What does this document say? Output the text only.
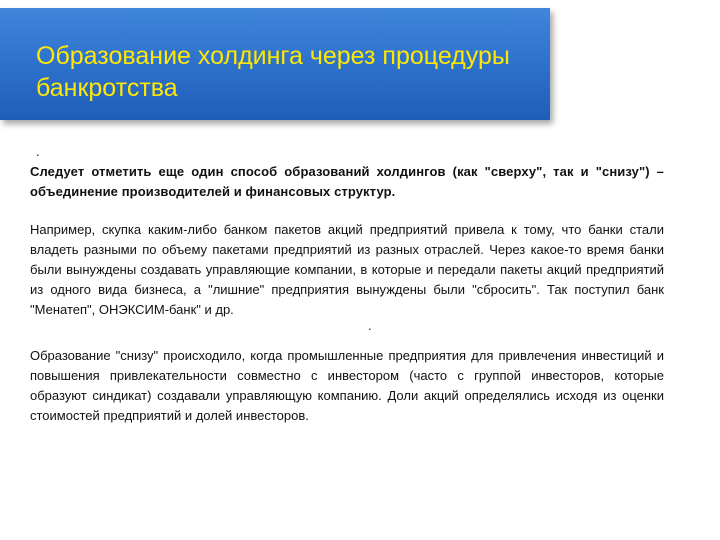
Образование холдинга через процедуры банкротства
.
.

Следует отметить еще один способ образований холдингов (как "сверху", так и "снизу") – объединение производителей и финансовых структур.

Например, скупка каким-либо банком пакетов акций предприятий привела к тому, что банки стали владеть разными по объему пакетами предприятий из разных отраслей. Через какое-то время банки были вынуждены создавать управляющие компании, в которые и передали пакеты акций предприятий из одного вида бизнеса, а "лишние" предприятия вынуждены были "сбросить". Так поступил банк "Менатеп", ОНЭКСИМ-банк" и др.

Образование "снизу" происходило, когда промышленные предприятия для привлечения инвестиций и повышения привлекательности совместно с инвестором (часто с группой инвесторов, которые образуют синдикат) создавали управляющую компанию. Доли акций определялись исходя из оценки стоимостей предприятий и долей инвесторов.
